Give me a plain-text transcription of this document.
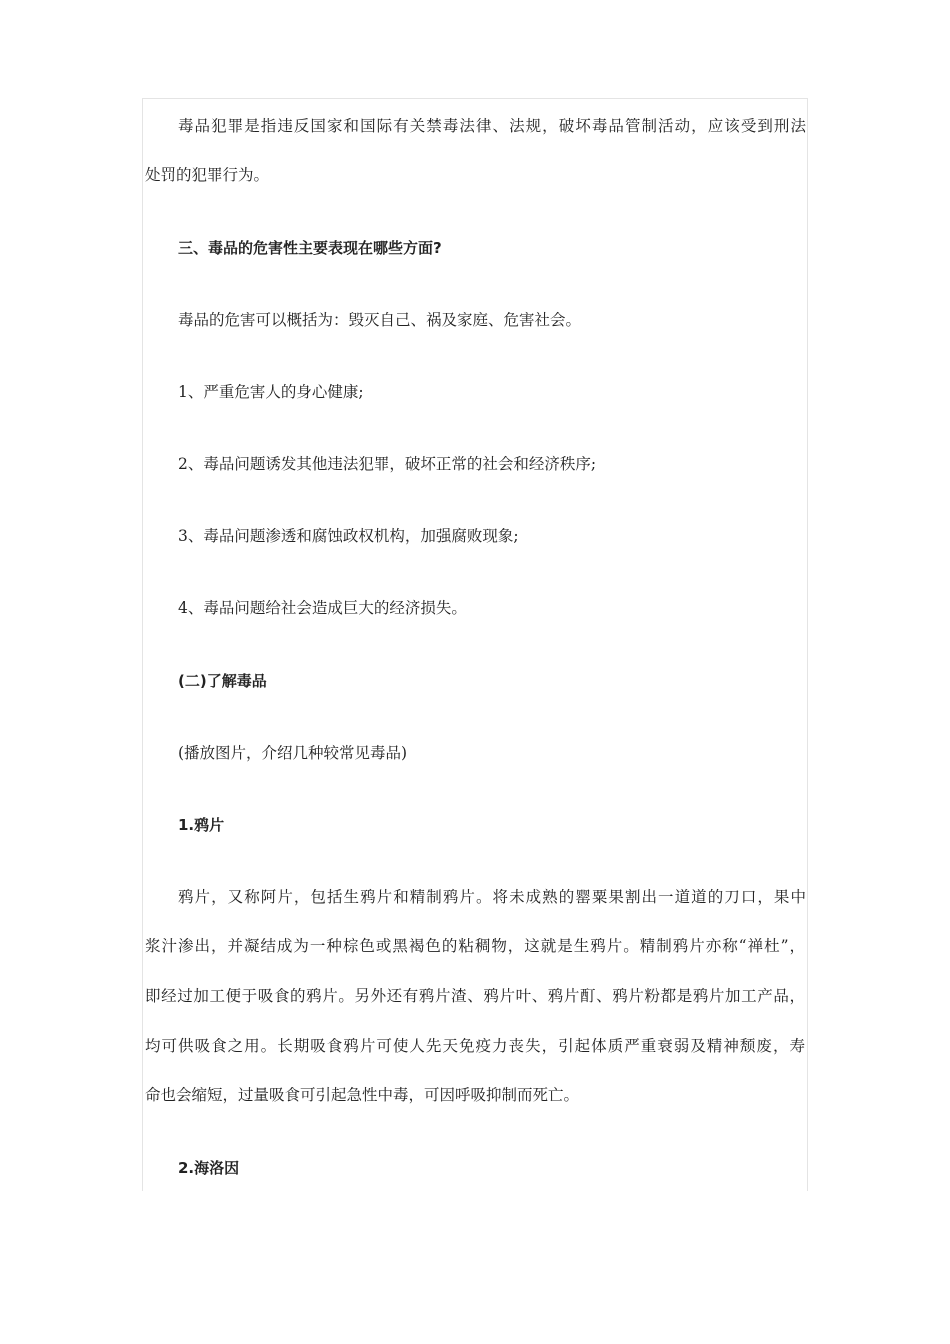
毒品犯罪是指违反国家和国际有关禁毒法律、法规，破坏毒品管制活动，应该受到刑法

处罚的犯罪行为。

三、毒品的危害性主要表现在哪些方面?

毒品的危害可以概括为：毁灭自己、祸及家庭、危害社会。

1、严重危害人的身心健康;

2、毒品问题诱发其他违法犯罪，破坏正常的社会和经济秩序;

3、毒品问题渗透和腐蚀政权机构，加强腐败现象;

4、毒品问题给社会造成巨大的经济损失。

(二)了解毒品

(播放图片，介绍几种较常见毒品)

1.鸦片

鸦片，又称阿片，包括生鸦片和精制鸦片。将未成熟的罂粟果割出一道道的刀口，果中

浆汁渗出，并凝结成为一种棕色或黑褐色的粘稠物，这就是生鸦片。精制鸦片亦称“禅杜”，

即经过加工便于吸食的鸦片。另外还有鸦片渣、鸦片叶、鸦片酊、鸦片粉都是鸦片加工产品，

均可供吸食之用。长期吸食鸦片可使人先天免疫力丧失，引起体质严重衰弱及精神颓废，寿

命也会缩短，过量吸食可引起急性中毒，可因呼吸抑制而死亡。

2.海洛因
